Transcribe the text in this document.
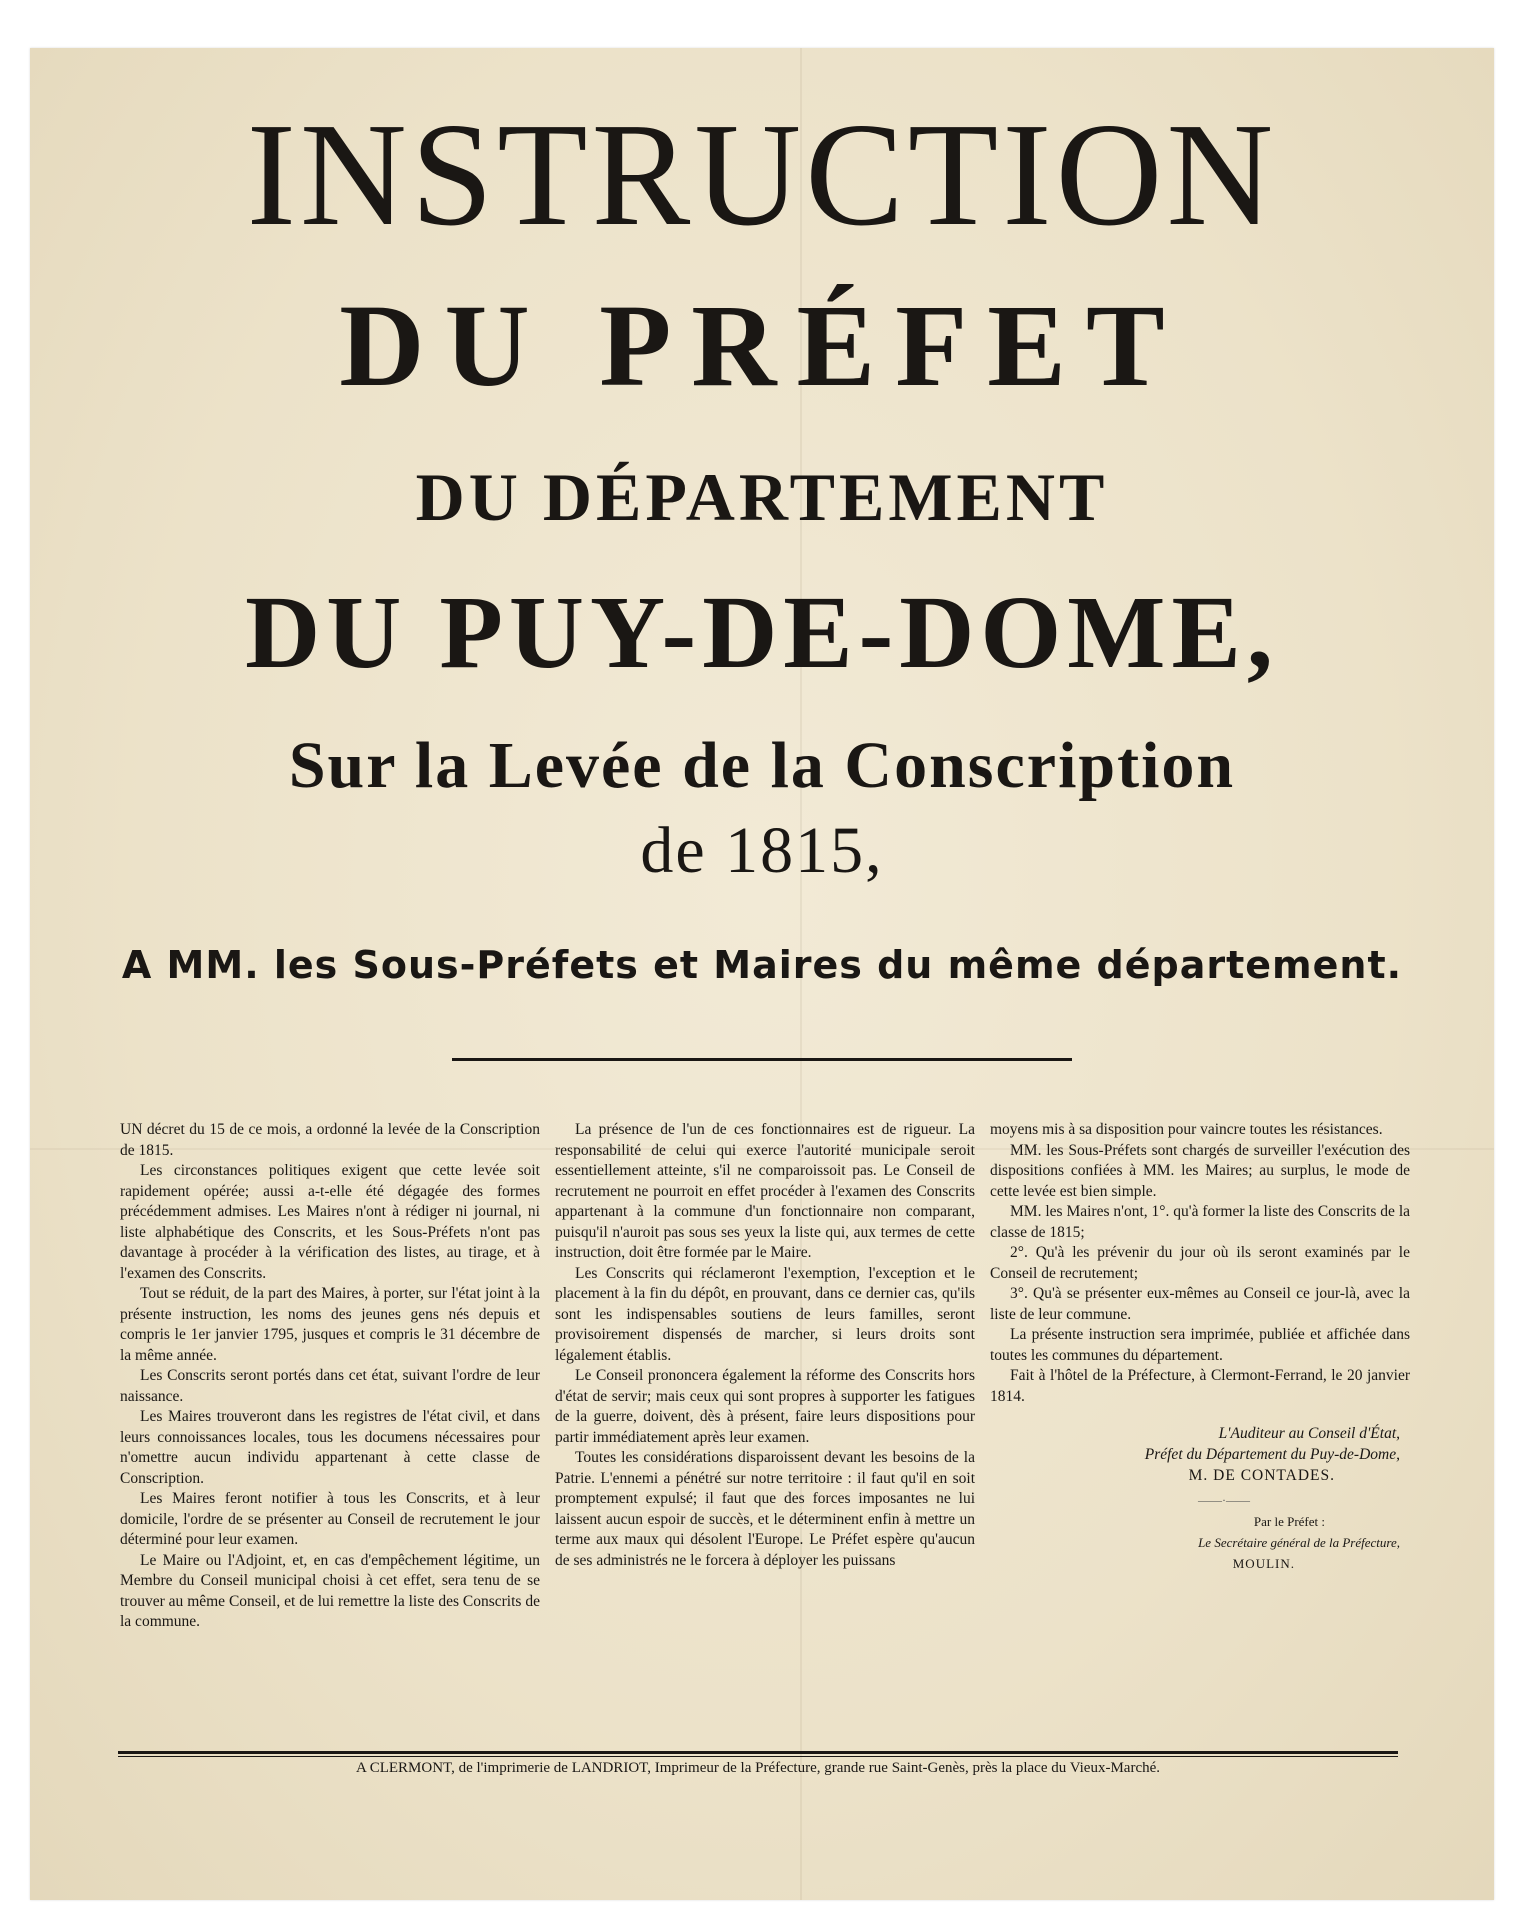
INSTRUCTION
DU PRÉFET
DU DÉPARTEMENT
DU PUY-DE-DOME,
Sur la Levée de la Conscription
de 1815,
A MM. les Sous-Préfets et Maires du même département.

UN décret du 15 de ce mois, a ordonné la levée de la Conscription de 1815.

Les circonstances politiques exigent que cette levée soit rapidement opérée; aussi a-t-elle été dégagée des formes précédemment admises. Les Maires n'ont à rédiger ni journal, ni liste alphabétique des Conscrits, et les Sous-Préfets n'ont pas davantage à procéder à la vérification des listes, au tirage, et à l'examen des Conscrits.

Tout se réduit, de la part des Maires, à porter, sur l'état joint à la présente instruction, les noms des jeunes gens nés depuis et compris le 1er janvier 1795, jusques et compris le 31 décembre de la même année.

Les Conscrits seront portés dans cet état, suivant l'ordre de leur naissance.

Les Maires trouveront dans les registres de l'état civil, et dans leurs connoissances locales, tous les documens nécessaires pour n'omettre aucun individu appartenant à cette classe de Conscription.

Les Maires feront notifier à tous les Conscrits, et à leur domicile, l'ordre de se présenter au Conseil de recrutement le jour déterminé pour leur examen.

Le Maire ou l'Adjoint, et, en cas d'empêchement légitime, un Membre du Conseil municipal choisi à cet effet, sera tenu de se trouver au même Conseil, et de lui remettre la liste des Conscrits de la commune.

La présence de l'un de ces fonctionnaires est de rigueur. La responsabilité de celui qui exerce l'autorité municipale seroit essentiellement atteinte, s'il ne comparoissoit pas. Le Conseil de recrutement ne pourroit en effet procéder à l'examen des Conscrits appartenant à la commune d'un fonctionnaire non comparant, puisqu'il n'auroit pas sous ses yeux la liste qui, aux termes de cette instruction, doit être formée par le Maire.

Les Conscrits qui réclameront l'exemption, l'exception et le placement à la fin du dépôt, en prouvant, dans ce dernier cas, qu'ils sont les indispensables soutiens de leurs familles, seront provisoirement dispensés de marcher, si leurs droits sont légalement établis.

Le Conseil prononcera également la réforme des Conscrits hors d'état de servir; mais ceux qui sont propres à supporter les fatigues de la guerre, doivent, dès à présent, faire leurs dispositions pour partir immédiatement après leur examen.

Toutes les considérations disparoissent devant les besoins de la Patrie. L'ennemi a pénétré sur notre territoire : il faut qu'il en soit promptement expulsé; il faut que des forces imposantes ne lui laissent aucun espoir de succès, et le déterminent enfin à mettre un terme aux maux qui désolent l'Europe. Le Préfet espère qu'aucun de ses administrés ne le forcera à déployer les puissans

moyens mis à sa disposition pour vaincre toutes les résistances.

MM. les Sous-Préfets sont chargés de surveiller l'exécution des dispositions confiées à MM. les Maires; au surplus, le mode de cette levée est bien simple.

MM. les Maires n'ont, 1°. qu'à former la liste des Conscrits de la classe de 1815;

2°. Qu'à les prévenir du jour où ils seront examinés par le Conseil de recrutement;

3°. Qu'à se présenter eux-mêmes au Conseil ce jour-là, avec la liste de leur commune.

La présente instruction sera imprimée, publiée et affichée dans toutes les communes du département.

Fait à l'hôtel de la Préfecture, à Clermont-Ferrand, le 20 janvier 1814.

L'Auditeur au Conseil d'État,
Préfet du Département du Puy-de-Dome,
M. DE CONTADES.
——·——
Par le Préfet :
Le Secrétaire général de la Préfecture,
MOULIN.
A CLERMONT, de l'imprimerie de LANDRIOT, Imprimeur de la Préfecture, grande rue Saint-Genès, près la place du Vieux-Marché.
